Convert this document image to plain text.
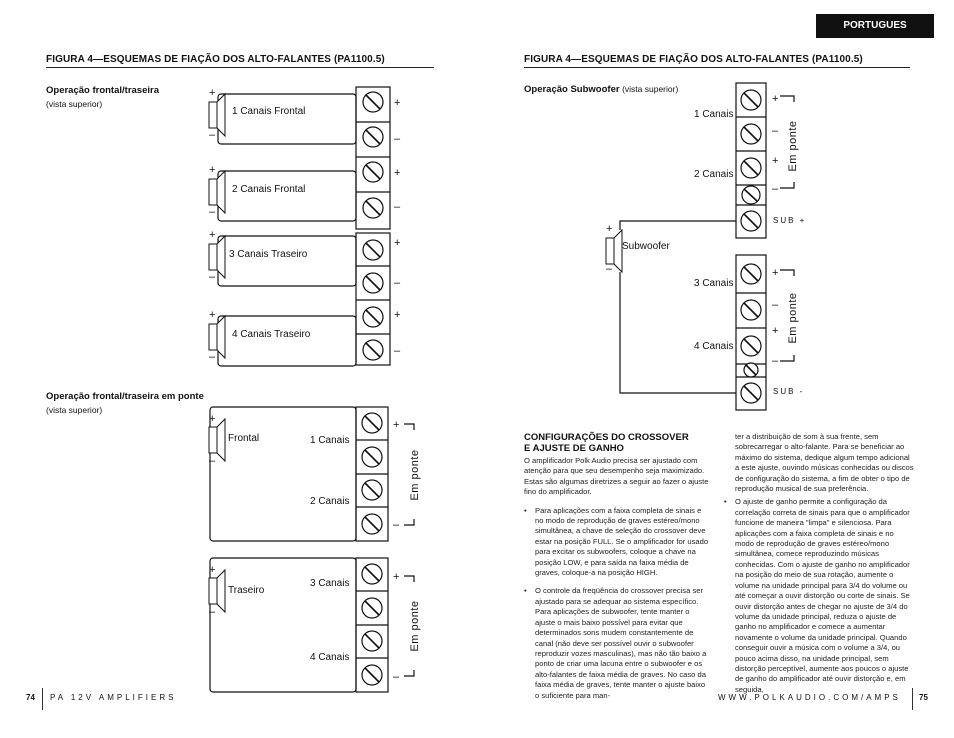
PORTUGUES
FIGURA 4—ESQUEMAS DE FIAÇÃO DOS ALTO-FALANTES (PA1100.5)
Operação frontal/traseira
(vista superior)
+
–
+
–
+
–
+
–
+
–
+
–
+
–
+
–
1 Canais Frontal
2 Canais Frontal
3 Canais Traseiro
4 Canais Traseiro
Operação frontal/traseira em ponte
(vista superior)
+
–
+
–
+
–
+
–
Frontal
Traseiro
1 Canais
2 Canais
3 Canais
4 Canais
Em ponte
Em ponte
74 PA 12V AMPLIFIERS
FIGURA 4—ESQUEMAS DE FIAÇÃO DOS ALTO-FALANTES (PA1100.5)
Operação Subwoofer (vista superior)
+
–
+
–
+
–
+
–
+
–
1 Canais
2 Canais
3 Canais
4 Canais
Subwoofer
SUB +
SUB -
Em ponte
Em ponte
CONFIGURAÇÕES DO CROSSOVER
E AJUSTE DE GANHO

O amplificador Polk Audio precisa ser ajustado com atenção para que seu desempenho seja maximizado. Estas são algumas diretrizes a seguir ao fazer o ajuste fino do amplificador.

• Para aplicações com a faixa completa de sinais e no modo de reprodução de graves estéreo/mono simultânea, a chave de seleção do crossover deve estar na posição FULL. Se o amplificador for usado para excitar os subwoofers, coloque a chave na posição LOW, e para saída na faixa média de graves, coloque-a na posição HIGH.

• O controle da freqüência do crossover precisa ser ajustado para se adequar ao sistema específico. Para aplicações de subwoofer, tente manter o ajuste o mais baixo possível para evitar que determinados sons mudem constantemente de canal (não deve ser possível ouvir o subwoofer reproduzir vozes masculinas), mas não tão baixo a ponto de criar uma lacuna entre o subwoofer e os alto-falantes de faixa média de graves. No caso da faixa média de graves, tente manter o ajuste baixo o suficiente para man-

ter a distribuição de som à sua frente, sem sobrecarregar o alto-falante. Para se beneficiar ao máximo do sistema, dedique algum tempo adicional a este ajuste, ouvindo músicas conhecidas ou discos de configuração do sistema, a fim de obter o tipo de reprodução musical de sua preferência.

• O ajuste de ganho permite a configuração da correlação correta de sinais para que o amplificador funcione de maneira "limpa" e silenciosa. Para aplicações com a faixa completa de sinais e no modo de reprodução de graves estéreo/mono simultânea, comece reproduzindo músicas conhecidas. Com o ajuste de ganho no amplificador na posição do meio de sua rotação, aumente o volume na unidade principal para 3/4 do volume ou até começar a ouvir distorção ou corte de sinais. Se ouvir distorção antes de chegar no ajuste de 3/4 do volume da unidade principal, reduza o ajuste de ganho no amplificador e comece a aumentar novamente o volume da unidade principal. Quando conseguir ouvir a música com o volume a 3/4, ou pouco acima disso, na unidade principal, sem distorção perceptível, aumente aos poucos o ajuste de ganho do amplificador até ouvir distorção e, em seguida,

WWW.POLKAUDIO.COM/AMPS 75
